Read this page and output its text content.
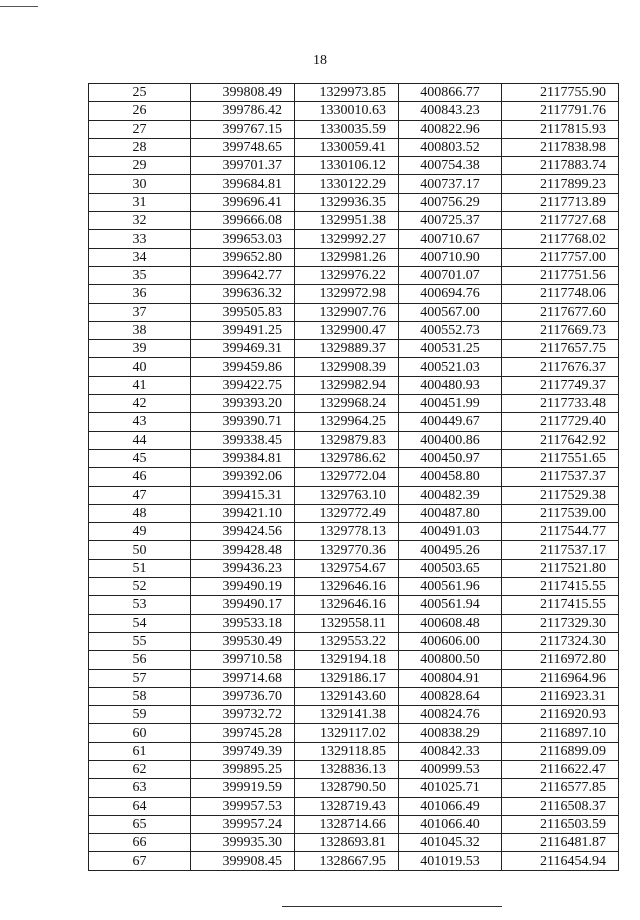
18
25	399808.49	1329973.85	400866.77	2117755.90
26	399786.42	1330010.63	400843.23	2117791.76
27	399767.15	1330035.59	400822.96	2117815.93
28	399748.65	1330059.41	400803.52	2117838.98
29	399701.37	1330106.12	400754.38	2117883.74
30	399684.81	1330122.29	400737.17	2117899.23
31	399696.41	1329936.35	400756.29	2117713.89
32	399666.08	1329951.38	400725.37	2117727.68
33	399653.03	1329992.27	400710.67	2117768.02
34	399652.80	1329981.26	400710.90	2117757.00
35	399642.77	1329976.22	400701.07	2117751.56
36	399636.32	1329972.98	400694.76	2117748.06
37	399505.83	1329907.76	400567.00	2117677.60
38	399491.25	1329900.47	400552.73	2117669.73
39	399469.31	1329889.37	400531.25	2117657.75
40	399459.86	1329908.39	400521.03	2117676.37
41	399422.75	1329982.94	400480.93	2117749.37
42	399393.20	1329968.24	400451.99	2117733.48
43	399390.71	1329964.25	400449.67	2117729.40
44	399338.45	1329879.83	400400.86	2117642.92
45	399384.81	1329786.62	400450.97	2117551.65
46	399392.06	1329772.04	400458.80	2117537.37
47	399415.31	1329763.10	400482.39	2117529.38
48	399421.10	1329772.49	400487.80	2117539.00
49	399424.56	1329778.13	400491.03	2117544.77
50	399428.48	1329770.36	400495.26	2117537.17
51	399436.23	1329754.67	400503.65	2117521.80
52	399490.19	1329646.16	400561.96	2117415.55
53	399490.17	1329646.16	400561.94	2117415.55
54	399533.18	1329558.11	400608.48	2117329.30
55	399530.49	1329553.22	400606.00	2117324.30
56	399710.58	1329194.18	400800.50	2116972.80
57	399714.68	1329186.17	400804.91	2116964.96
58	399736.70	1329143.60	400828.64	2116923.31
59	399732.72	1329141.38	400824.76	2116920.93
60	399745.28	1329117.02	400838.29	2116897.10
61	399749.39	1329118.85	400842.33	2116899.09
62	399895.25	1328836.13	400999.53	2116622.47
63	399919.59	1328790.50	401025.71	2116577.85
64	399957.53	1328719.43	401066.49	2116508.37
65	399957.24	1328714.66	401066.40	2116503.59
66	399935.30	1328693.81	401045.32	2116481.87
67	399908.45	1328667.95	401019.53	2116454.94
